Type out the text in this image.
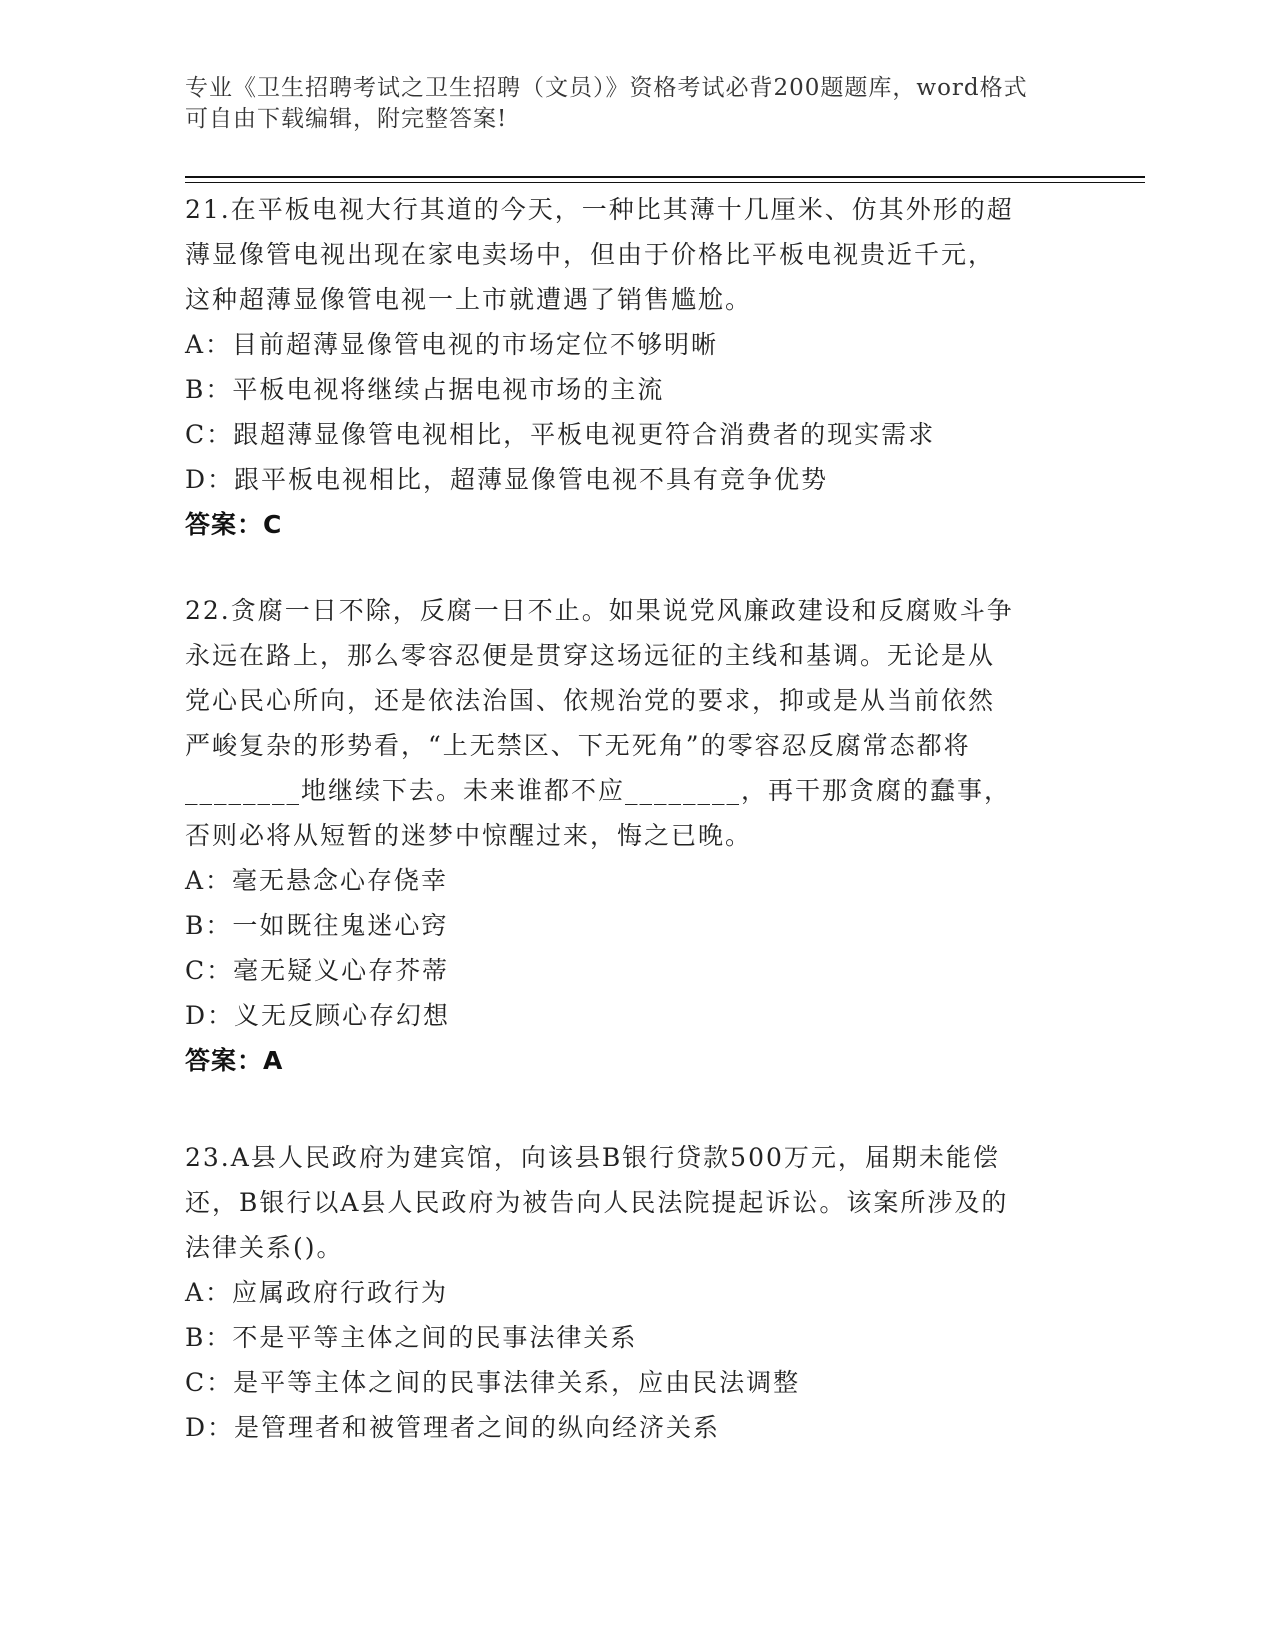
专业《卫生招聘考试之卫生招聘（文员）》资格考试必背200题题库，word格式
可自由下载编辑，附完整答案!
21.在平板电视大行其道的今天，一种比其薄十几厘米、仿其外形的超
薄显像管电视出现在家电卖场中，但由于价格比平板电视贵近千元，
这种超薄显像管电视一上市就遭遇了销售尴尬。
A：目前超薄显像管电视的市场定位不够明晰
B：平板电视将继续占据电视市场的主流
C：跟超薄显像管电视相比，平板电视更符合消费者的现实需求
D：跟平板电视相比，超薄显像管电视不具有竞争优势
答案：C
22.贪腐一日不除，反腐一日不止。如果说党风廉政建设和反腐败斗争
永远在路上，那么零容忍便是贯穿这场远征的主线和基调。无论是从
党心民心所向，还是依法治国、依规治党的要求，抑或是从当前依然
严峻复杂的形势看，“上无禁区、下无死角”的零容忍反腐常态都将
________地继续下去。未来谁都不应________，再干那贪腐的蠢事，
否则必将从短暂的迷梦中惊醒过来，悔之已晚。
A：毫无悬念心存侥幸
B：一如既往鬼迷心窍
C：毫无疑义心存芥蒂
D：义无反顾心存幻想
答案：A
23.A县人民政府为建宾馆，向该县B银行贷款500万元，届期未能偿
还，B银行以A县人民政府为被告向人民法院提起诉讼。该案所涉及的
法律关系()。
A：应属政府行政行为
B：不是平等主体之间的民事法律关系
C：是平等主体之间的民事法律关系，应由民法调整
D：是管理者和被管理者之间的纵向经济关系
